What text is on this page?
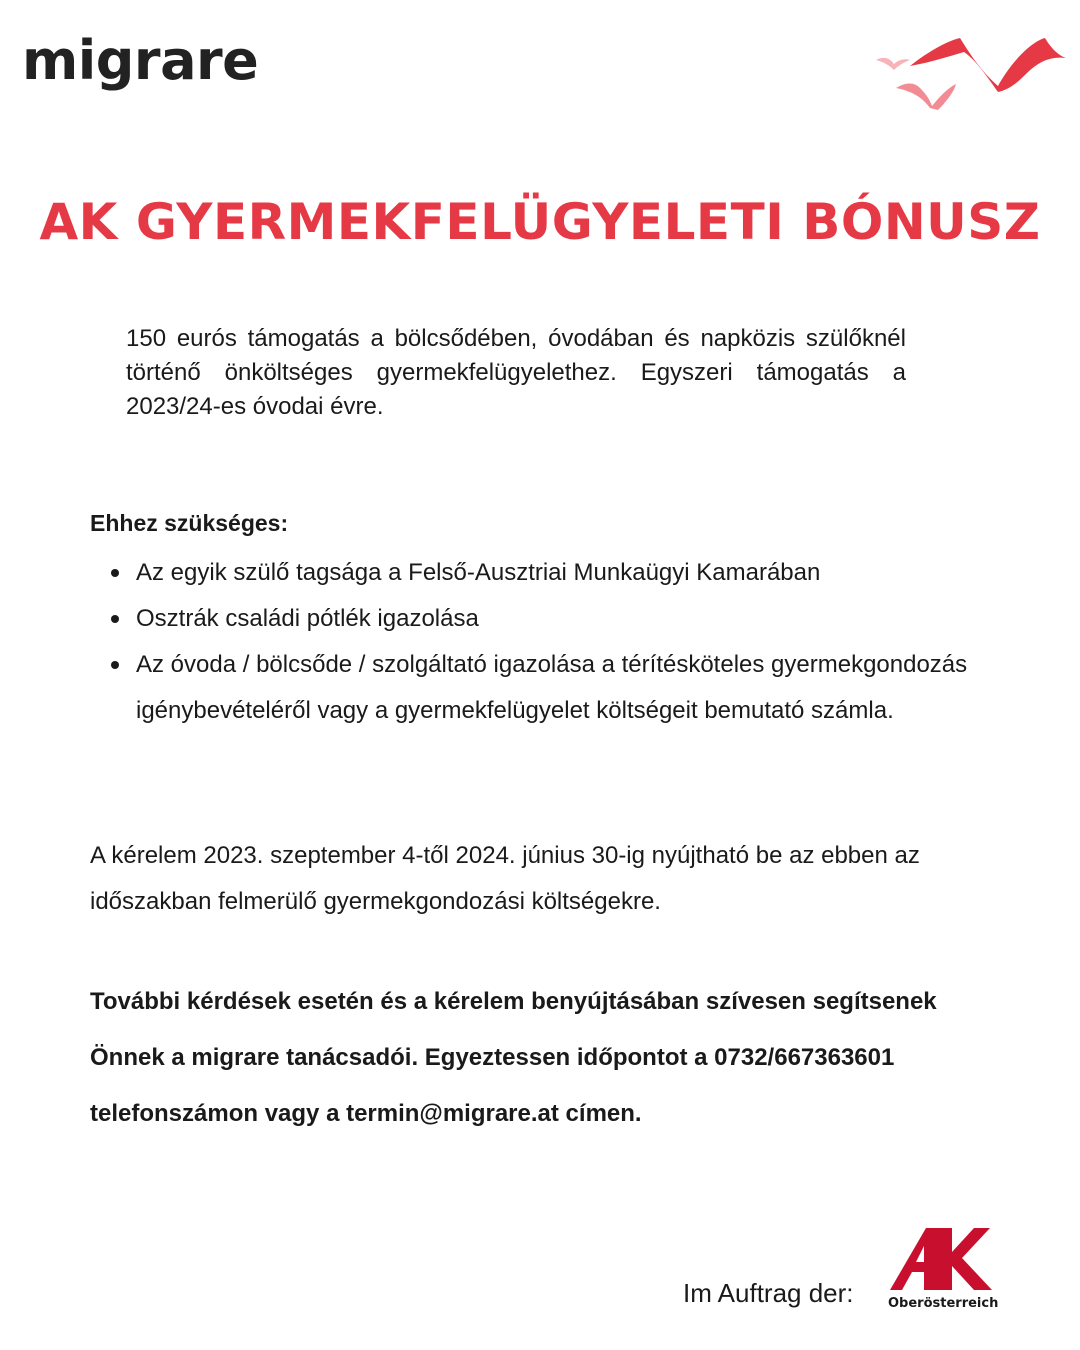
migrare
AK GYERMEKFELÜGYELETI BÓNUSZ
150 eurós támogatás a bölcsődében, óvodában és napközis szülőknél történő önköltséges gyermekfelügyelethez. Egyszeri támogatás a 2023/24-es óvodai évre.
Ehhez szükséges:
Az egyik szülő tagsága a Felső-Ausztriai Munkaügyi Kamarában
Osztrák családi pótlék igazolása
Az óvoda / bölcsőde / szolgáltató igazolása a térítésköteles gyermekgondozás igénybevételéről vagy a gyermekfelügyelet költségeit bemutató számla.
A kérelem 2023. szeptember 4-től 2024. június 30-ig nyújtható be az ebben az időszakban felmerülő gyermekgondozási költségekre.
További kérdések esetén és a kérelem benyújtásában szívesen segítsenek Önnek a migrare tanácsadói. Egyeztessen időpontot a 0732/667363601 telefonszámon vagy a termin@migrare.at címen.
Im Auftrag der:	Oberösterreich
